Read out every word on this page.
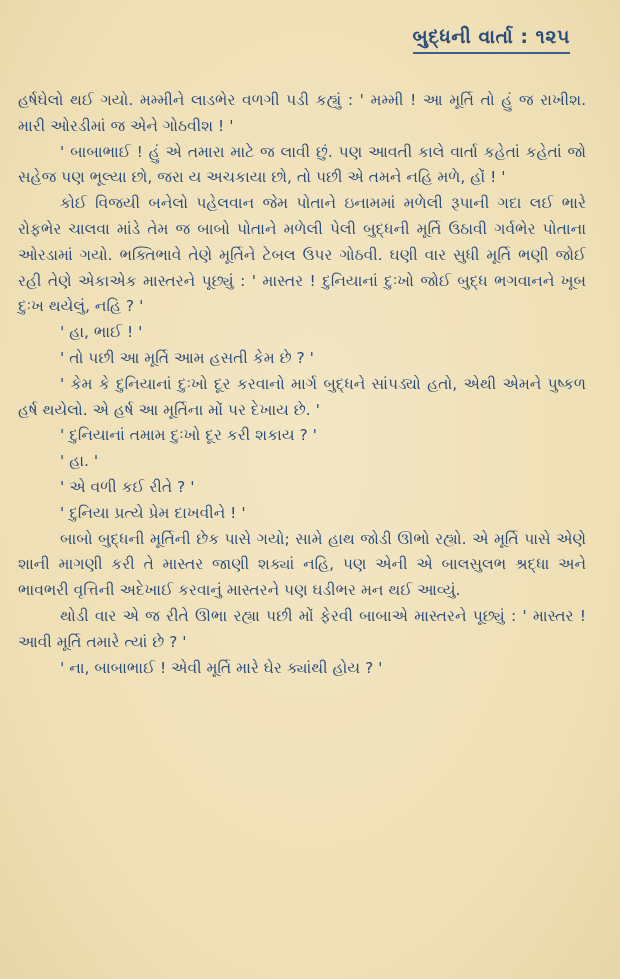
બુદ્ધની વાર્તા : ૧૨૫

હર્ષઘેલો થઈ ગયો. મમ્મીને લાડભેર વળગી પડી કહ્યું : ' મમ્મી ! આ મૂર્તિ તો હું જ રાખીશ. મારી ઓરડીમાં જ એને ગોઠવીશ ! '

' બાબાભાઈ ! હું એ તમારા માટે જ લાવી છું. પણ આવતી કાલે વાર્તા કહેતાં કહેતાં જો સહેજ પણ ભૂલ્યા છો, જરા ય અચકાયા છો, તો પછી એ તમને નહિ મળે, હોં ! '

કોઈ વિજયી બનેલો પહેલવાન જેમ પોતાને ઇનામમાં મળેલી રૂપાની ગદા લઈ ભારે રોફભેર ચાલવા માંડે તેમ જ બાબો પોતાને મળેલી પેલી બુદ્ધની મૂર્તિ ઉઠાવી ગર્વભેર પોતાના ઓરડામાં ગયો. ભક્તિભાવે તેણે મૂર્તિને ટેબલ ઉપર ગોઠવી. ઘણી વાર સુધી મૂર્તિ ભણી જોઈ રહી તેણે એકાએક માસ્તરને પૂછ્યું : ' માસ્તર ! દુનિયાનાં દુઃખો જોઈ બુદ્ધ ભગવાનને ખૂબ દુઃખ થયેલું, નહિ ? '

' હા, ભાઈ ! '

' તો પછી આ મૂર્તિ આમ હસતી કેમ છે ? '

' કેમ કે દુનિયાનાં દુઃખો દૂર કરવાનો માર્ગ બુદ્ધને સાંપડ્યો હતો, એથી એમને પુષ્કળ હર્ષ થયેલો. એ હર્ષ આ મૂર્તિના મોં પર દેખાય છે. '

' દુનિયાનાં તમામ દુઃખો દૂર કરી શકાય ? '

' હા. '

' એ વળી કઈ રીતે ? '

' દુનિયા પ્રત્યે પ્રેમ દાખવીને ! '

બાબો બુદ્ધની મૂર્તિની છેક પાસે ગયો; સામે હાથ જોડી ઊભો રહ્યો. એ મૂર્તિ પાસે એણે શાની માગણી કરી તે માસ્તર જાણી શક્યાં નહિ, પણ એની એ બાલસુલભ શ્રદ્ધા અને ભાવભરી વૃત્તિની અદેખાઈ કરવાનું માસ્તરને પણ ઘડીભર મન થઈ આવ્યું.

થોડી વાર એ જ રીતે ઊભા રહ્યા પછી મોં ફેરવી બાબાએ માસ્તરને પૂછ્યું : ' માસ્તર ! આવી મૂર્તિ તમારે ત્યાં છે ? '

' ના, બાબાભાઈ ! એવી મૂર્તિ મારે ઘેર ક્યાંથી હોય ? '
